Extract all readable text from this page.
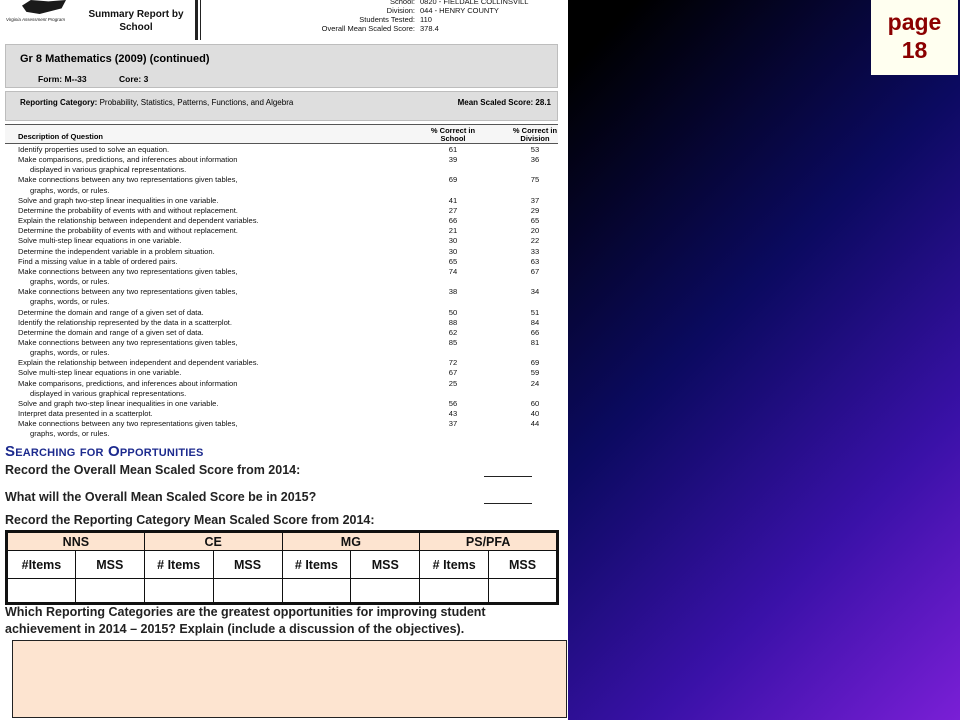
Virginia Assessment Program Summary Report by School
School: 0820 - FIELDALE COLLINSVILL
Division: 044 - HENRY COUNTY
Students Tested: 110
Overall Mean Scaled Score: 378.4
Gr 8 Mathematics (2009) (continued)
Form: M--33	Core: 3
Reporting Category: Probability, Statistics, Patterns, Functions, and Algebra	Mean Scaled Score: 28.1
Description of Question
% Correct in School
% Correct in Division
Identify properties used to solve an equation.	61	53
Make comparisons, predictions, and inferences about information
displayed in various graphical representations.
39	36
Make connections between any two representations given tables,
graphs, words, or rules.
69	75
Solve and graph two-step linear inequalities in one variable.	41	37
Determine the probability of events with and without replacement.	27	29
Explain the relationship between independent and dependent variables.	66	65
Determine the probability of events with and without replacement.	21	20
Solve multi-step linear equations in one variable.	30	22
Determine the independent variable in a problem situation.	30	33
Find a missing value in a table of ordered pairs.	65	63
Make connections between any two representations given tables,
graphs, words, or rules.
74	67
Make connections between any two representations given tables,
graphs, words, or rules.
38	34
Determine the domain and range of a given set of data.	50	51
Identify the relationship represented by the data in a scatterplot.	88	84
Determine the domain and range of a given set of data.	62	66
Make connections between any two representations given tables,
graphs, words, or rules.
85	81
Explain the relationship between independent and dependent variables.	72	69
Solve multi-step linear equations in one variable.	67	59
Make comparisons, predictions, and inferences about information
displayed in various graphical representations.
25	24
Solve and graph two-step linear inequalities in one variable.	56	60
Interpret data presented in a scatterplot.	43	40
Make connections between any two representations given tables,
graphs, words, or rules.
37	44
Searching for Opportunities
Record the Overall Mean Scaled Score from 2014:
What will the Overall Mean Scaled Score be in 2015?
Record the Reporting Category Mean Scaled Score from 2014:
NNS		CE		MG		PS/PFA	
#Items	MSS	# Items	MSS	# Items	MSS	# Items	MSS

Which Reporting Categories are the greatest opportunities for improving student
achievement in 2014 – 2015? Explain (include a discussion of the objectives).
page
18
